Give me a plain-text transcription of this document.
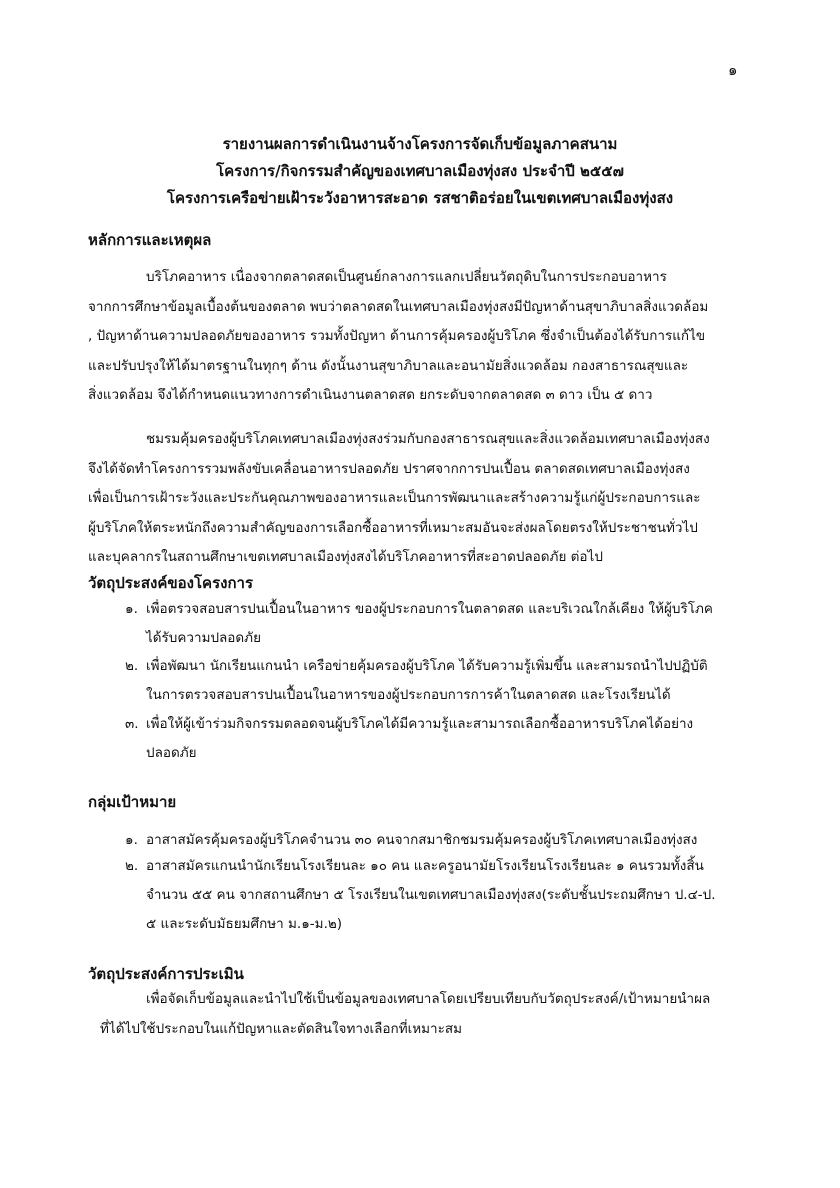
๑
รายงานผลการดำเนินงานจ้างโครงการจัดเก็บข้อมูลภาคสนาม
โครงการ/กิจกรรมสำคัญของเทศบาลเมืองทุ่งสง ประจำปี ๒๕๕๗
โครงการเครือข่ายเฝ้าระวังอาหารสะอาด รสชาติอร่อยในเขตเทศบาลเมืองทุ่งสง
หลักการและเหตุผล
บริโภคอาหาร เนื่องจากตลาดสดเป็นศูนย์กลางการแลกเปลี่ยนวัตถุดิบในการประกอบอาหาร
จากการศึกษาข้อมูลเบื้องต้นของตลาด พบว่าตลาดสดในเทศบาลเมืองทุ่งสงมีปัญหาด้านสุขาภิบาลสิ่งแวดล้อม
, ปัญหาด้านความปลอดภัยของอาหาร รวมทั้งปัญหา ด้านการคุ้มครองผู้บริโภค ซึ่งจำเป็นต้องได้รับการแก้ไข
และปรับปรุงให้ได้มาตรฐานในทุกๆ ด้าน ดังนั้นงานสุขาภิบาลและอนามัยสิ่งแวดล้อม กองสาธารณสุขและ
สิ่งแวดล้อม จึงได้กำหนดแนวทางการดำเนินงานตลาดสด ยกระดับจากตลาดสด ๓ ดาว เป็น ๕ ดาว
ชมรมคุ้มครองผู้บริโภคเทศบาลเมืองทุ่งสงร่วมกับกองสาธารณสุขและสิ่งแวดล้อมเทศบาลเมืองทุ่งสง
จึงได้จัดทำโครงการรวมพลังขับเคลื่อนอาหารปลอดภัย ปราศจากการปนเปื้อน ตลาดสดเทศบาลเมืองทุ่งสง
เพื่อเป็นการเฝ้าระวังและประกันคุณภาพของอาหารและเป็นการพัฒนาและสร้างความรู้แก่ผู้ประกอบการและ
ผู้บริโภคให้ตระหนักถึงความสำคัญของการเลือกซื้ออาหารที่เหมาะสมอันจะส่งผลโดยตรงให้ประชาชนทั่วไป
และบุคลากรในสถานศึกษาเขตเทศบาลเมืองทุ่งสงได้บริโภคอาหารที่สะอาดปลอดภัย ต่อไป
วัตถุประสงค์ของโครงการ
๑. เพื่อตรวจสอบสารปนเปื้อนในอาหาร ของผู้ประกอบการในตลาดสด และบริเวณใกล้เคียง ให้ผู้บริโภค
ได้รับความปลอดภัย
๒. เพื่อพัฒนา นักเรียนแกนนำ เครือข่ายคุ้มครองผู้บริโภค ได้รับความรู้เพิ่มขึ้น และสามรถนำไปปฏิบัติ
ในการตรวจสอบสารปนเปื้อนในอาหารของผู้ประกอบการการค้าในตลาดสด และโรงเรียนได้
๓. เพื่อให้ผู้เข้าร่วมกิจกรรมตลอดจนผู้บริโภคได้มีความรู้และสามารถเลือกซื้ออาหารบริโภคได้อย่าง
ปลอดภัย
กลุ่มเป้าหมาย
๑. อาสาสมัครคุ้มครองผู้บริโภคจำนวน ๓๐ คนจากสมาชิกชมรมคุ้มครองผู้บริโภคเทศบาลเมืองทุ่งสง
๒. อาสาสมัครแกนนำนักเรียนโรงเรียนละ ๑๐ คน และครูอนามัยโรงเรียนโรงเรียนละ ๑ คนรวมทั้งสิ้น
จำนวน ๕๕ คน จากสถานศึกษา ๕ โรงเรียนในเขตเทศบาลเมืองทุ่งสง(ระดับชั้นประถมศึกษา ป.๔-ป.
๕ และระดับมัธยมศึกษา ม.๑-ม.๒)
วัตถุประสงค์การประเมิน
เพื่อจัดเก็บข้อมูลและนำไปใช้เป็นข้อมูลของเทศบาลโดยเปรียบเทียบกับวัตถุประสงค์/เป้าหมายนำผล
ที่ได้ไปใช้ประกอบในแก้ปัญหาและตัดสินใจทางเลือกที่เหมาะสม
